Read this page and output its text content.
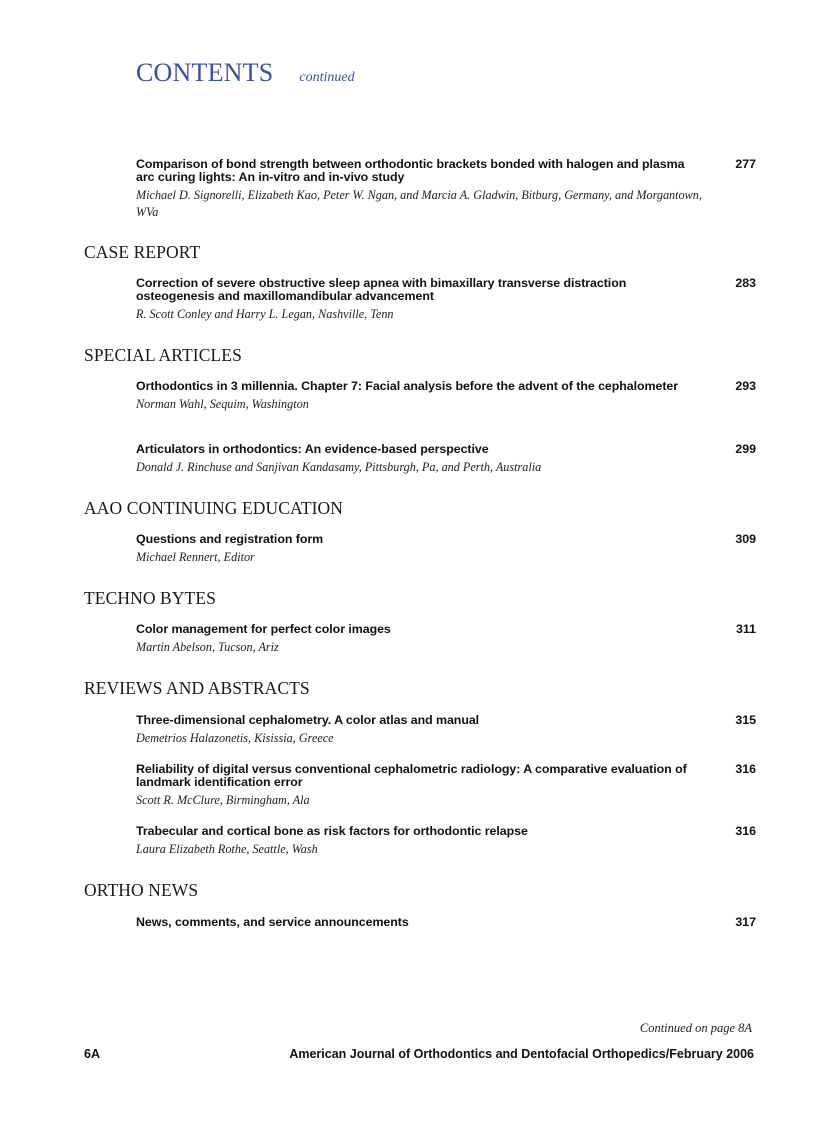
CONTENTS continued
Comparison of bond strength between orthodontic brackets bonded with halogen and plasma arc curing lights: An in-vitro and in-vivo study
277
Michael D. Signorelli, Elizabeth Kao, Peter W. Ngan, and Marcia A. Gladwin, Bitburg, Germany, and Morgantown, WVa
CASE REPORT
Correction of severe obstructive sleep apnea with bimaxillary transverse distraction osteogenesis and maxillomandibular advancement
283
R. Scott Conley and Harry L. Legan, Nashville, Tenn
SPECIAL ARTICLES
Orthodontics in 3 millennia. Chapter 7: Facial analysis before the advent of the cephalometer	293
Norman Wahl, Sequim, Washington
Articulators in orthodontics: An evidence-based perspective	299
Donald J. Rinchuse and Sanjivan Kandasamy, Pittsburgh, Pa, and Perth, Australia
AAO CONTINUING EDUCATION
Questions and registration form	309
Michael Rennert, Editor
TECHNO BYTES
Color management for perfect color images	311
Martin Abelson, Tucson, Ariz
REVIEWS AND ABSTRACTS
Three-dimensional cephalometry. A color atlas and manual	315
Demetrios Halazonetis, Kisissia, Greece
Reliability of digital versus conventional cephalometric radiology: A comparative evaluation of landmark identification error
316
Scott R. McClure, Birmingham, Ala
Trabecular and cortical bone as risk factors for orthodontic relapse	316
Laura Elizabeth Rothe, Seattle, Wash
ORTHO NEWS
News, comments, and service announcements	317
Continued on page 8A
6A	American Journal of Orthodontics and Dentofacial Orthopedics/February 2006
